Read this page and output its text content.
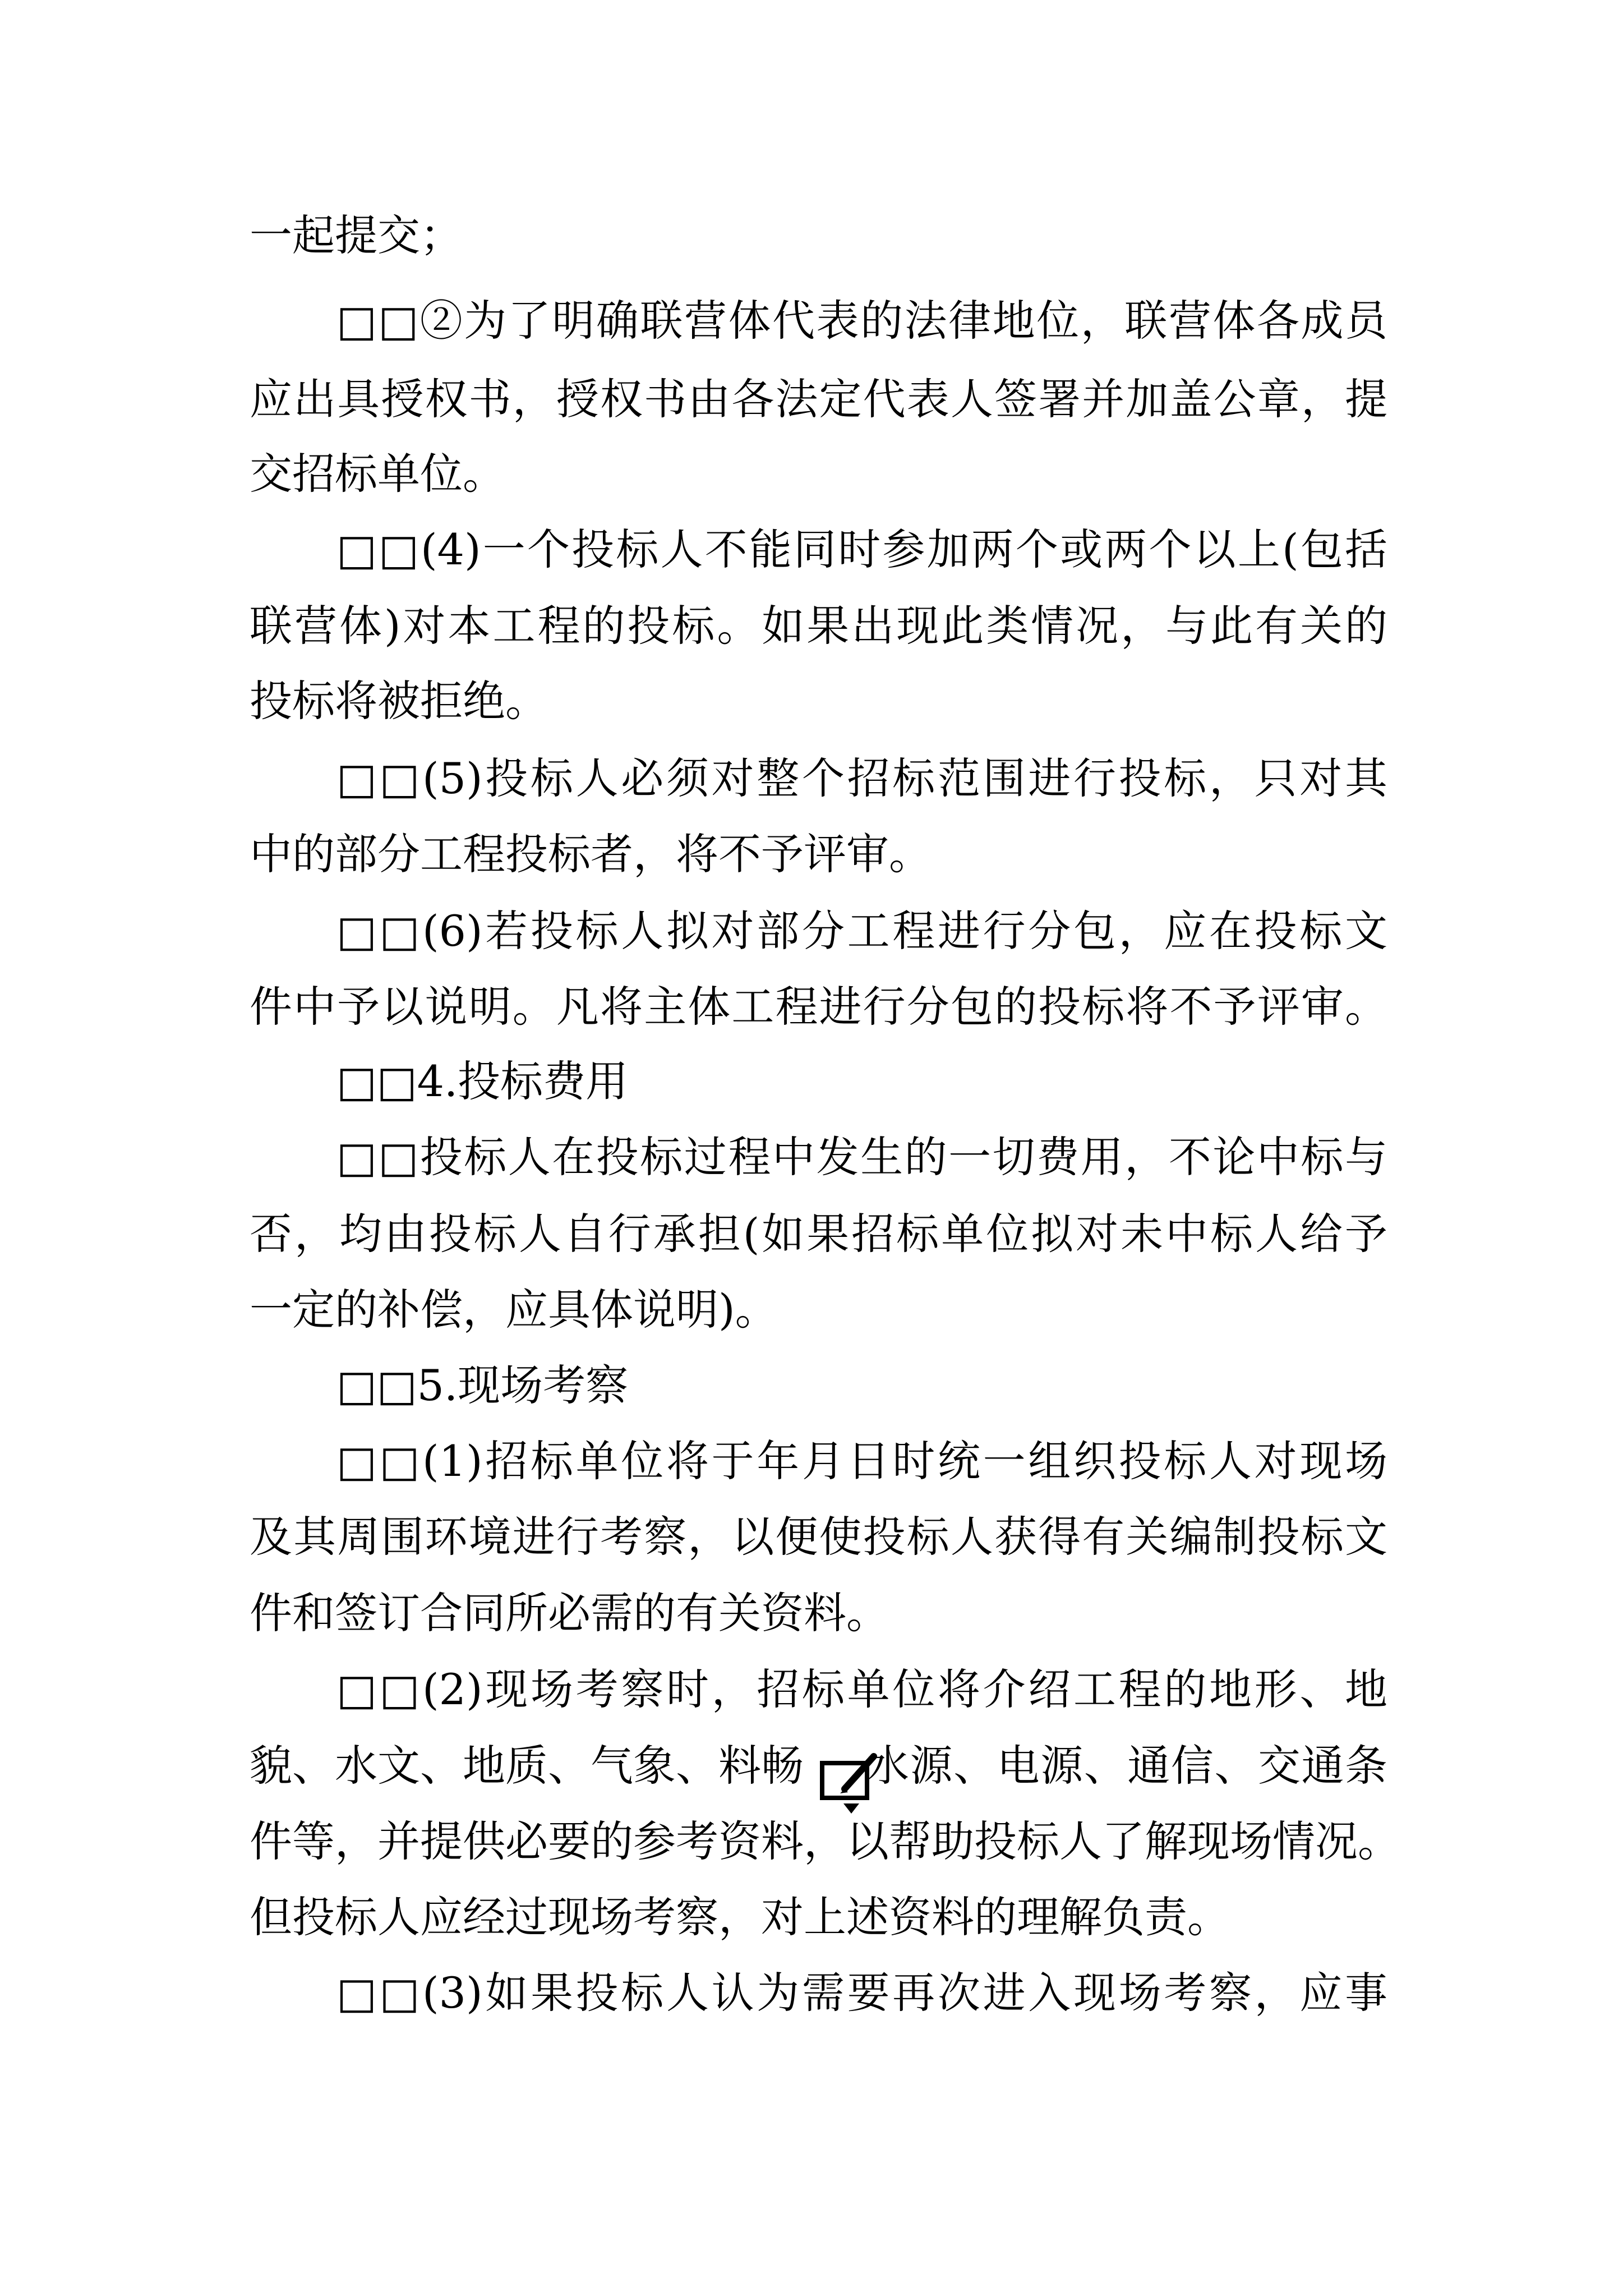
一起提交；
□□②为了明确联营体代表的法律地位，联营体各成员
应出具授权书，授权书由各法定代表人签署并加盖公章，提
交招标单位。
□□(4)一个投标人不能同时参加两个或两个以上(包括
联营体)对本工程的投标。如果出现此类情况，与此有关的
投标将被拒绝。
□□(5)投标人必须对整个招标范围进行投标，只对其
中的部分工程投标者，将不予评审。
□□(6)若投标人拟对部分工程进行分包，应在投标文
件中予以说明。凡将主体工程进行分包的投标将不予评审。
□□4.投标费用
□□投标人在投标过程中发生的一切费用，不论中标与
否，均由投标人自行承担(如果招标单位拟对未中标人给予
一定的补偿，应具体说明)。
□□5.现场考察
□□(1)招标单位将于年月日时统一组织投标人对现场
及其周围环境进行考察，以便使投标人获得有关编制投标文
件和签订合同所必需的有关资料。
□□(2)现场考察时，招标单位将介绍工程的地形、地
貌、水文、地质、气象、料畅	水源、电源、通信、交通条
件等，并提供必要的参考资料，以帮助投标人了解现场情况。
但投标人应经过现场考察，对上述资料的理解负责。
□□(3)如果投标人认为需要再次进入现场考察，应事
